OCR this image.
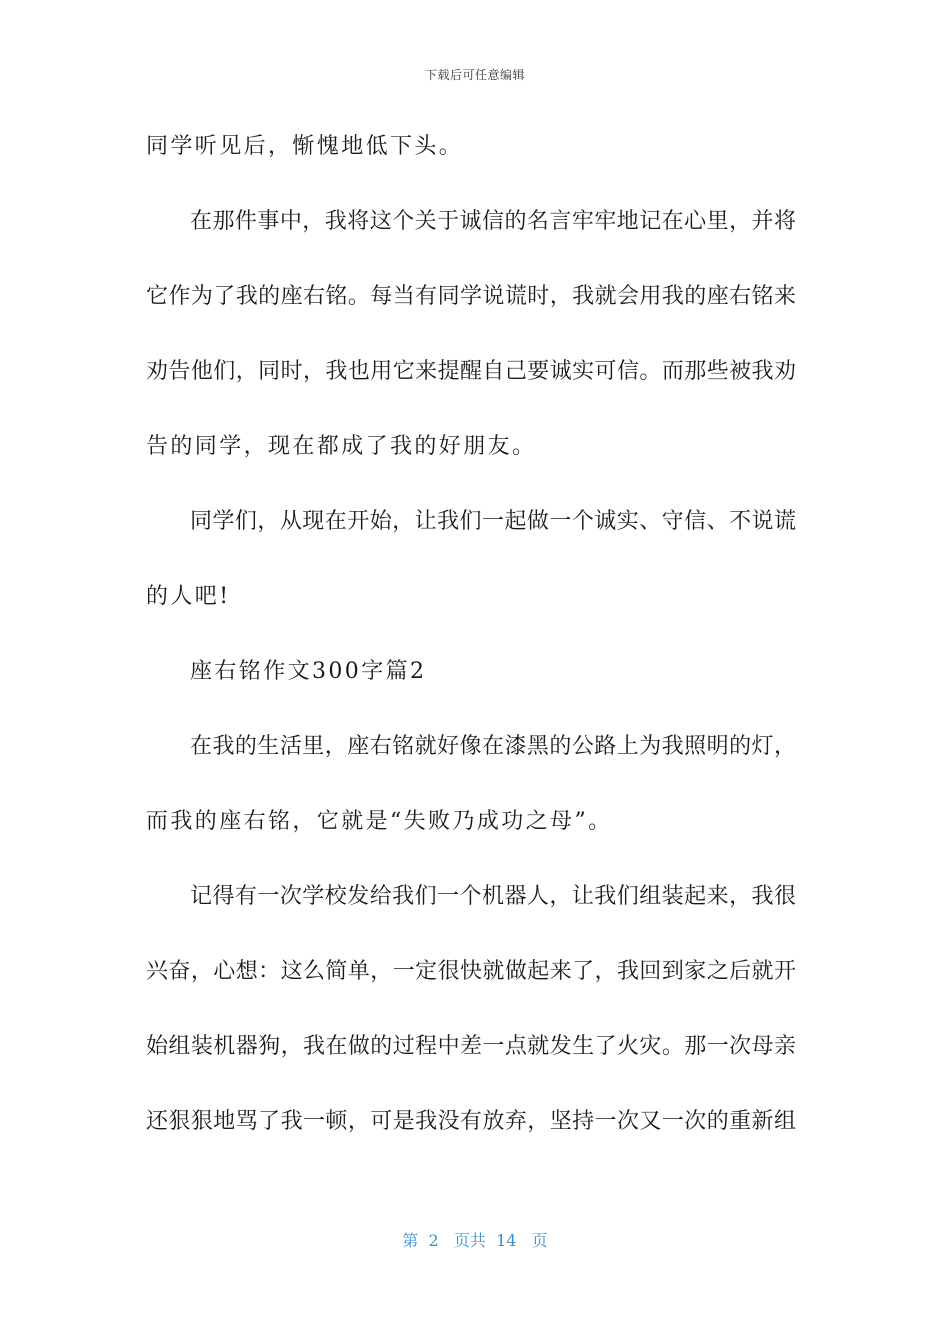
下载后可任意编辑
同学听见后，惭愧地低下头。
在那件事中，我将这个关于诚信的名言牢牢地记在心里，并将
它作为了我的座右铭。每当有同学说谎时，我就会用我的座右铭来
劝告他们，同时，我也用它来提醒自己要诚实可信。而那些被我劝
告的同学，现在都成了我的好朋友。
同学们，从现在开始，让我们一起做一个诚实、守信、不说谎
的人吧!
座右铭作文300字篇2
在我的生活里，座右铭就好像在漆黑的公路上为我照明的灯，
而我的座右铭，它就是“失败乃成功之母”。
记得有一次学校发给我们一个机器人，让我们组装起来，我很
兴奋，心想：这么简单，一定很快就做起来了，我回到家之后就开
始组装机器狗，我在做的过程中差一点就发生了火灾。那一次母亲
还狠狠地骂了我一顿，可是我没有放弃，坚持一次又一次的重新组
第  2   页共  14   页
